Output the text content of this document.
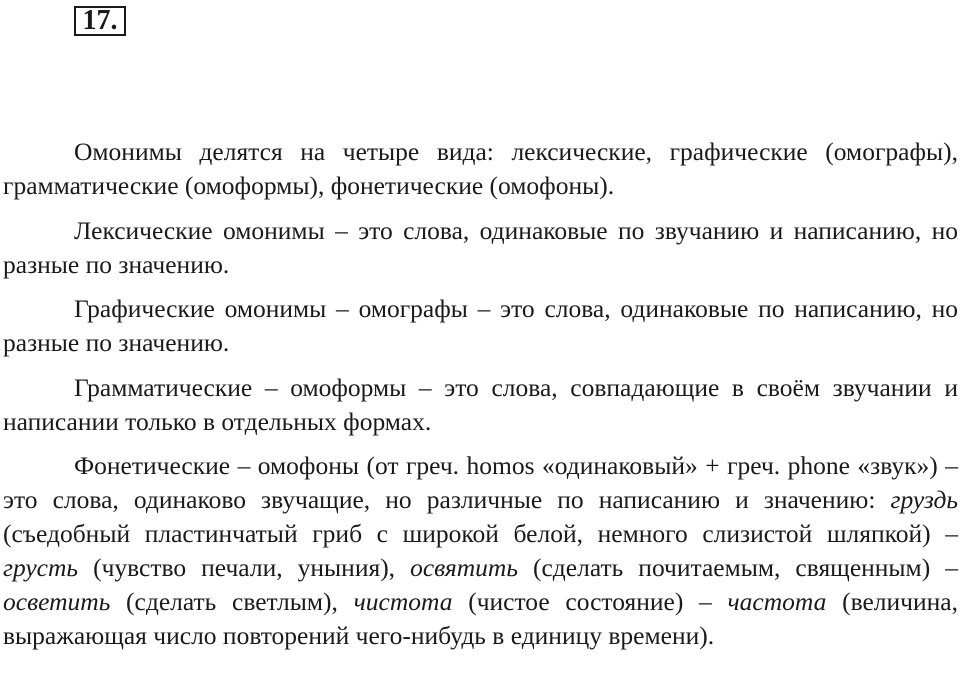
17.

Омонимы делятся на четыре вида: лексические, графические (омографы), грамматические (омоформы), фонетические (омофоны).

Лексические омонимы – это слова, одинаковые по звучанию и написанию, но разные по значению.

Графические омонимы – омографы – это слова, одинаковые по написанию, но разные по значению.

Грамматические – омоформы – это слова, совпадающие в своём звучании и написании только в отдельных формах.

Фонетические – омофоны (от греч. homos «одинаковый» + греч. phone «звук») – это слова, одинаково звучащие, но различные по написанию и значению: груздь (съедобный пластинчатый гриб с широкой белой, немного слизистой шляпкой) – грусть (чувство печали, уныния), освятить (сделать почитаемым, священным) – осветить (сделать светлым), чистота (чистое состояние) – частота (величина, выражающая число повторений чего-нибудь в единицу времени).
